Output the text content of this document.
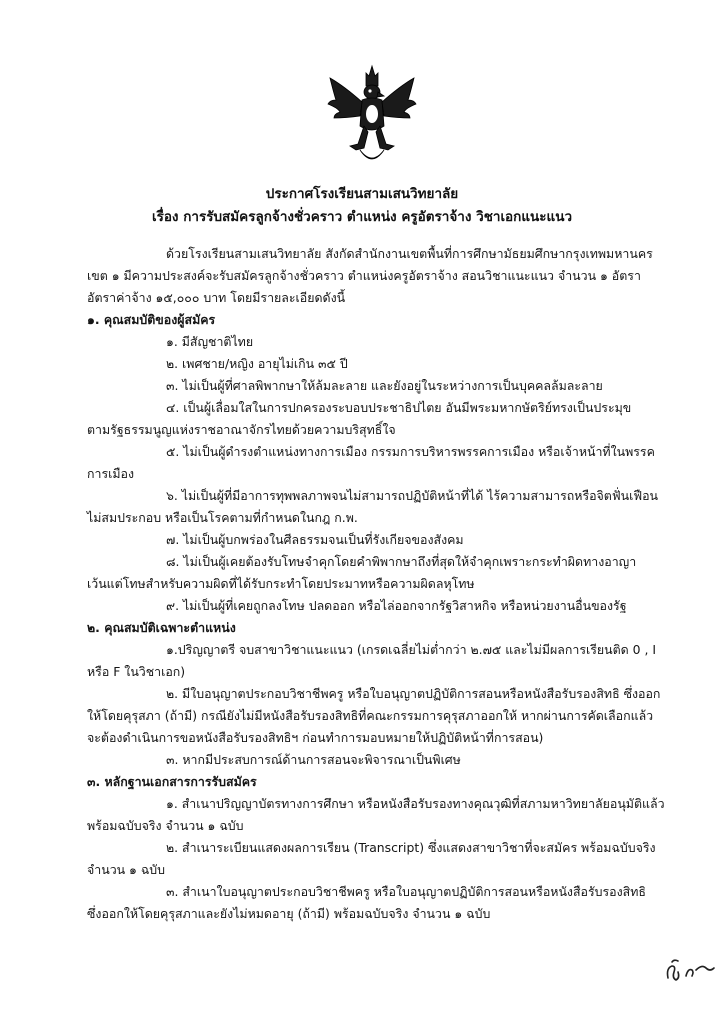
ประกาศโรงเรียนสามเสนวิทยาลัย
เรื่อง การรับสมัครลูกจ้างชั่วคราว ตำแหน่ง ครูอัตราจ้าง วิชาเอกแนะแนว
ด้วยโรงเรียนสามเสนวิทยาลัย สังกัดสำนักงานเขตพื้นที่การศึกษามัธยมศึกษากรุงเทพมหานคร
เขต ๑ มีความประสงค์จะรับสมัครลูกจ้างชั่วคราว ตำแหน่งครูอัตราจ้าง สอนวิชาแนะแนว จำนวน ๑ อัตรา
อัตราค่าจ้าง ๑๕,๐๐๐ บาท โดยมีรายละเอียดดังนี้
๑. คุณสมบัติของผู้สมัคร
๑. มีสัญชาติไทย
๒. เพศชาย/หญิง อายุไม่เกิน ๓๕ ปี
๓. ไม่เป็นผู้ที่ศาลพิพากษาให้ล้มละลาย และยังอยู่ในระหว่างการเป็นบุคคลล้มละลาย
๔. เป็นผู้เลื่อมใสในการปกครองระบอบประชาธิปไตย อันมีพระมหากษัตริย์ทรงเป็นประมุข
ตามรัฐธรรมนูญแห่งราชอาณาจักรไทยด้วยความบริสุทธิ์ใจ
๕. ไม่เป็นผู้ดำรงตำแหน่งทางการเมือง กรรมการบริหารพรรคการเมือง หรือเจ้าหน้าที่ในพรรค
การเมือง
๖. ไม่เป็นผู้ที่มีอาการทุพพลภาพจนไม่สามารถปฏิบัติหน้าที่ได้ ไร้ความสามารถหรือจิตฟั่นเฟือน
ไม่สมประกอบ หรือเป็นโรคตามที่กำหนดในกฎ ก.พ.
๗. ไม่เป็นผู้บกพร่องในศีลธรรมจนเป็นที่รังเกียจของสังคม
๘. ไม่เป็นผู้เคยต้องรับโทษจำคุกโดยคำพิพากษาถึงที่สุดให้จำคุกเพราะกระทำผิดทางอาญา
เว้นแต่โทษสำหรับความผิดที่ได้รับกระทำโดยประมาทหรือความผิดลหุโทษ
๙. ไม่เป็นผู้ที่เคยถูกลงโทษ ปลดออก หรือไล่ออกจากรัฐวิสาหกิจ หรือหน่วยงานอื่นของรัฐ
๒. คุณสมบัติเฉพาะตำแหน่ง
๑.ปริญญาตรี จบสาขาวิชาแนะแนว (เกรดเฉลี่ยไม่ต่ำกว่า ๒.๗๕ และไม่มีผลการเรียนติด 0 , I
หรือ F ในวิชาเอก)
๒. มีใบอนุญาตประกอบวิชาชีพครู หรือใบอนุญาตปฏิบัติการสอนหรือหนังสือรับรองสิทธิ ซึ่งออก
ให้โดยคุรุสภา (ถ้ามี) กรณียังไม่มีหนังสือรับรองสิทธิที่คณะกรรมการคุรุสภาออกให้ หากผ่านการคัดเลือกแล้ว
จะต้องดำเนินการขอหนังสือรับรองสิทธิฯ ก่อนทำการมอบหมายให้ปฏิบัติหน้าที่การสอน)
๓. หากมีประสบการณ์ด้านการสอนจะพิจารณาเป็นพิเศษ
๓. หลักฐานเอกสารการรับสมัคร
๑. สำเนาปริญญาบัตรทางการศึกษา หรือหนังสือรับรองทางคุณวุฒิที่สภามหาวิทยาลัยอนุมัติแล้ว
พร้อมฉบับจริง จำนวน ๑ ฉบับ
๒. สำเนาระเบียนแสดงผลการเรียน (Transcript) ซึ่งแสดงสาขาวิชาที่จะสมัคร พร้อมฉบับจริง
จำนวน ๑ ฉบับ
๓. สำเนาใบอนุญาตประกอบวิชาชีพครู หรือใบอนุญาตปฏิบัติการสอนหรือหนังสือรับรองสิทธิ
ซึ่งออกให้โดยคุรุสภาและยังไม่หมดอายุ (ถ้ามี) พร้อมฉบับจริง จำนวน ๑ ฉบับ
